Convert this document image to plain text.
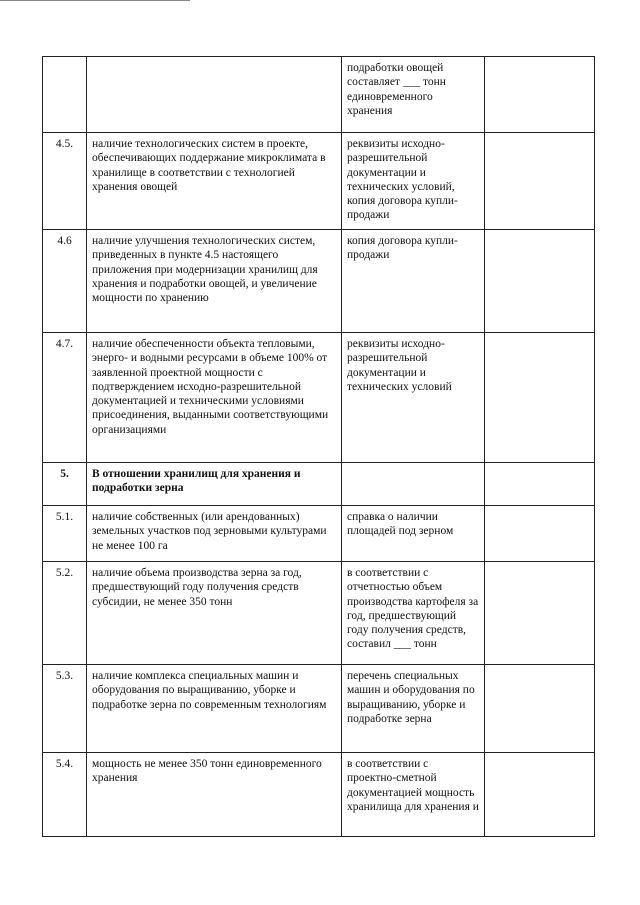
		подработки овощей составляет ___ тонн единовременного хранения	
4.5.	наличие технологических систем в проекте, обеспечивающих поддержание микроклимата в хранилище в соответствии с технологией хранения овощей	реквизиты исходно-разрешительной документации и технических условий, копия договора купли-продажи	
4.6	наличие улучшения технологических систем, приведенных в пункте 4.5 настоящего приложения при модернизации хранилищ для хранения и подработки овощей, и увеличение мощности по хранению	копия договора купли-продажи	
4.7.	наличие обеспеченности объекта тепловыми, энерго- и водными ресурсами в объеме 100% от заявленной проектной мощности с подтверждением исходно-разрешительной документацией и техническими условиями присоединения, выданными соответствующими организациями	реквизиты исходно-разрешительной документации и технических условий	
5.	В отношении хранилищ для хранения и подработки зерна		
5.1.	наличие собственных (или арендованных) земельных участков под зерновыми культурами не менее 100 га	справка о наличии площадей под зерном	
5.2.	наличие объема производства зерна за год, предшествующий году получения средств субсидии, не менее 350 тонн	в соответствии с отчетностью объем производства картофеля за год, предшествующий году получения средств, составил ___ тонн	
5.3.	наличие комплекса специальных машин и оборудования по выращиванию, уборке и подработке зерна по современным технологиям	перечень специальных машин и оборудования по выращиванию, уборке и подработке зерна	
5.4.	мощность не менее 350 тонн единовременного хранения	в соответствии с проектно-сметной документацией мощность хранилища для хранения и	
